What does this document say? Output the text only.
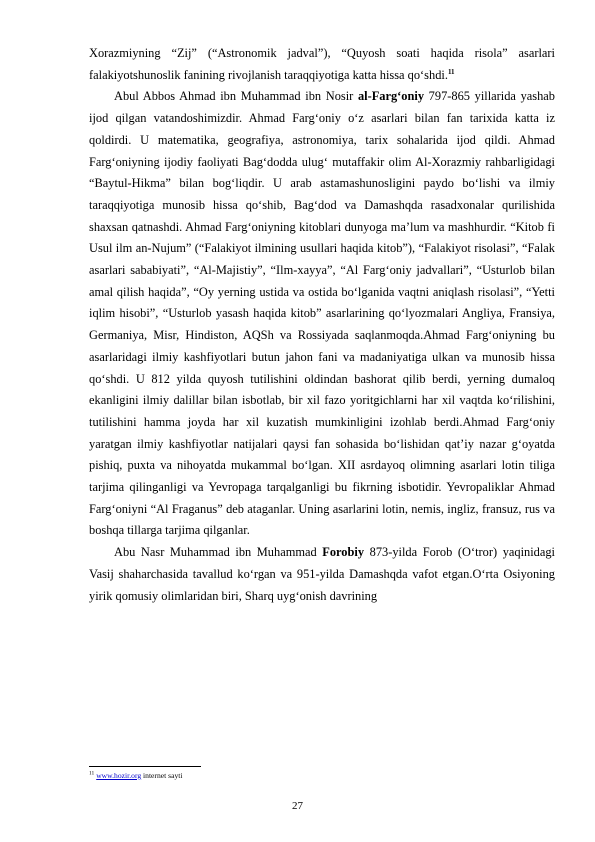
Xorazmiyning “Zij” (“Astronomik jadval”), “Quyosh soati haqida risola” asarlari falakiyotshunoslik fanining rivojlanish taraqqiyotiga katta hissa qo‘shdi.$^{11}$

Abul Abbos Ahmad ibn Muhammad ibn Nosir al-Farg‘oniy 797-865 yillarida yashab ijod qilgan vatandoshimizdir. Ahmad Farg‘oniy o‘z asarlari bilan fan tarixida katta iz qoldirdi. U matematika, geografiya, astronomiya, tarix sohalarida ijod qildi. Ahmad Farg‘oniyning ijodiy faoliyati Bag‘dodda ulug‘ mutaffakir olim Al-Xorazmiy rahbarligidagi “Baytul-Hikma” bilan bog‘liqdir. U arab astamashunosligini paydo bo‘lishi va ilmiy taraqqiyotiga munosib hissa qo‘shib, Bag‘dod va Damashqda rasadxonalar qurilishida shaxsan qatnashdi. Ahmad Farg‘oniyning kitoblari dunyoga ma’lum va mashhurdir. “Kitob fi Usul ilm an-Nujum” (“Falakiyot ilmining usullari haqida kitob”), “Falakiyot risolasi”, “Falak asarlari sababiyati”, “Al-Majistiy”, “Ilm-xayya”, “Al Farg‘oniy jadvallari”, “Usturlob bilan amal qilish haqida”, “Oy yerning ustida va ostida bo‘lganida vaqtni aniqlash risolasi”, “Yetti iqlim hisobi”, “Usturlob yasash haqida kitob” asarlarining qo‘lyozmalari Angliya, Fransiya, Germaniya, Misr, Hindiston, AQSh va Rossiyada saqlanmoqda.Ahmad Farg‘oniyning bu asarlaridagi ilmiy kashfiyotlari butun jahon fani va madaniyatiga ulkan va munosib hissa qo‘shdi. U 812 yilda quyosh tutilishini oldindan bashorat qilib berdi, yerning dumaloq ekanligini ilmiy dalillar bilan isbotlab, bir xil fazo yoritgichlarni har xil vaqtda ko‘rilishini, tutilishini hamma joyda har xil kuzatish mumkinligini izohlab berdi.Ahmad Farg‘oniy yaratgan ilmiy kashfiyotlar natijalari qaysi fan sohasida bo‘lishidan qat’iy nazar g‘oyatda pishiq, puxta va nihoyatda mukammal bo‘lgan. XII asrdayoq olimning asarlari lotin tiliga tarjima qilinganligi va Yevropaga tarqalganligi bu fikrning isbotidir. Yevropaliklar Ahmad Farg‘oniyni “Al Fraganus” deb ataganlar. Uning asarlarini lotin, nemis, ingliz, fransuz, rus va boshqa tillarga tarjima qilganlar.

Abu Nasr Muhammad ibn Muhammad Forobiy 873-yilda Forob (O‘tror) yaqinidagi Vasij shaharchasida tavallud ko‘rgan va 951-yilda Damashqda vafot etgan.O‘rta Osiyoning yirik qomusiy olimlaridan biri, Sharq uyg‘onish davrining

$^{11}$ www.hozir.org internet sayti
27
